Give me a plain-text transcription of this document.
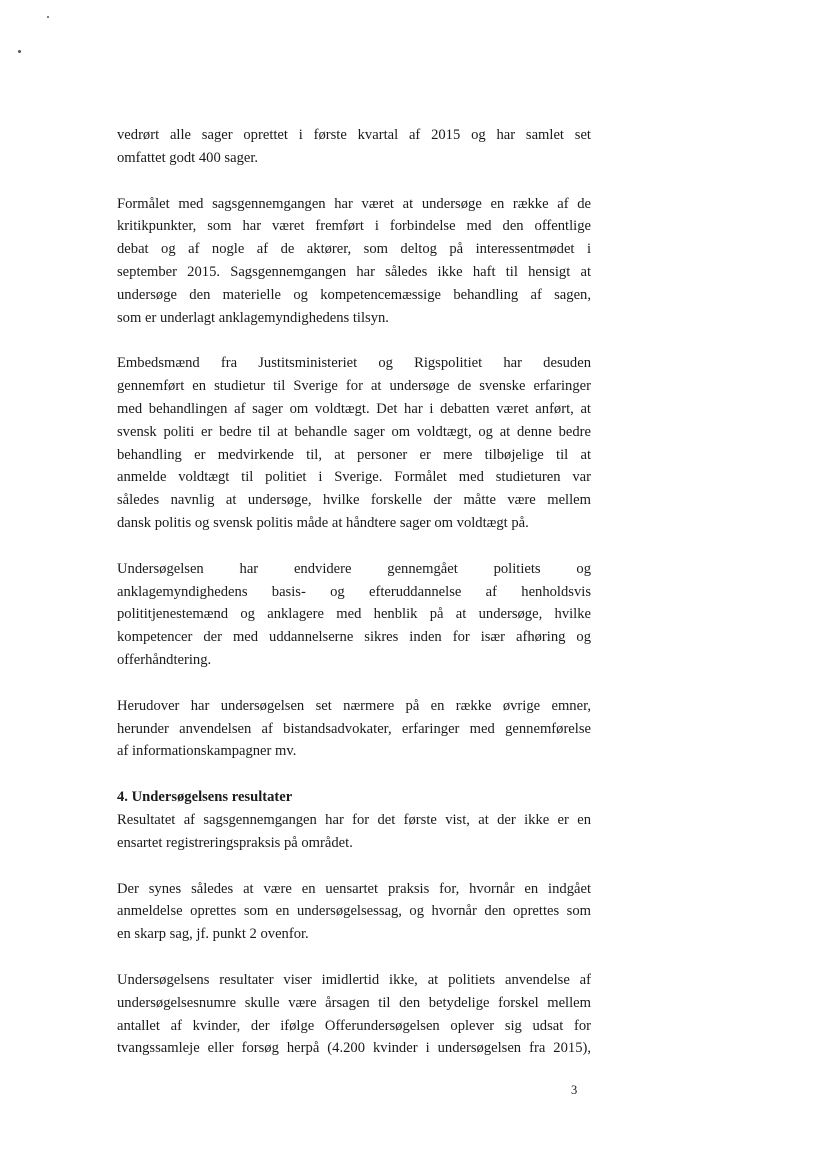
vedrørt alle sager oprettet i første kvartal af 2015 og har samlet set
omfattet godt 400 sager.
Formålet med sagsgennemgangen har været at undersøge en række af de
kritikpunkter, som har været fremført i forbindelse med den offentlige
debat og af nogle af de aktører, som deltog på interessentmødet i
september 2015. Sagsgennemgangen har således ikke haft til hensigt at
undersøge den materielle og kompetencemæssige behandling af sagen,
som er underlagt anklagemyndighedens tilsyn.
Embedsmænd fra Justitsministeriet og Rigspolitiet har desuden
gennemført en studietur til Sverige for at undersøge de svenske erfaringer
med behandlingen af sager om voldtægt. Det har i debatten været anført, at
svensk politi er bedre til at behandle sager om voldtægt, og at denne bedre
behandling er medvirkende til, at personer er mere tilbøjelige til at
anmelde voldtægt til politiet i Sverige. Formålet med studieturen var
således navnlig at undersøge, hvilke forskelle der måtte være mellem
dansk politis og svensk politis måde at håndtere sager om voldtægt på.
Undersøgelsen har endvidere gennemgået politiets og
anklagemyndighedens basis- og efteruddannelse af henholdsvis
polititjenestemænd og anklagere med henblik på at undersøge, hvilke
kompetencer der med uddannelserne sikres inden for især afhøring og
offerhåndtering.
Herudover har undersøgelsen set nærmere på en række øvrige emner,
herunder anvendelsen af bistandsadvokater, erfaringer med gennemførelse
af informationskampagner mv.
4. Undersøgelsens resultater
Resultatet af sagsgennemgangen har for det første vist, at der ikke er en
ensartet registreringspraksis på området.
Der synes således at være en uensartet praksis for, hvornår en indgået
anmeldelse oprettes som en undersøgelsessag, og hvornår den oprettes som
en skarp sag, jf. punkt 2 ovenfor.
Undersøgelsens resultater viser imidlertid ikke, at politiets anvendelse af
undersøgelsesnumre skulle være årsagen til den betydelige forskel mellem
antallet af kvinder, der ifølge Offerundersøgelsen oplever sig udsat for
tvangssamleje eller forsøg herpå (4.200 kvinder i undersøgelsen fra 2015),
3
